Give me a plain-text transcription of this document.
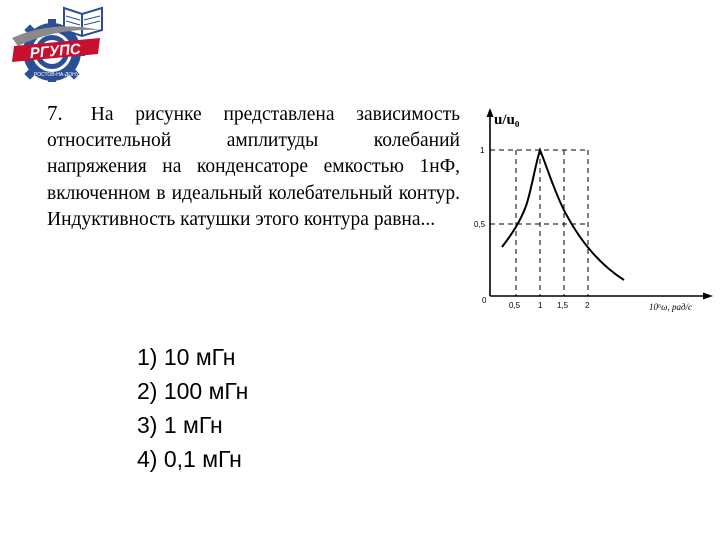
РГУПС
РОСТОВ-НА-ДОНУ
7. На рисунке представлена зависимость относительной амплитуды колебаний напряжения на конденсаторе емкостью 1нФ, включенном в идеальный колебательный контур. Индуктивность катушки этого контура равна...
u/u₀
10⁶ω, рад/с
0
1
0,5
0,5 1 1,5 2
1) 10 мГн
2) 100 мГн
3) 1 мГн
4) 0,1 мГн
